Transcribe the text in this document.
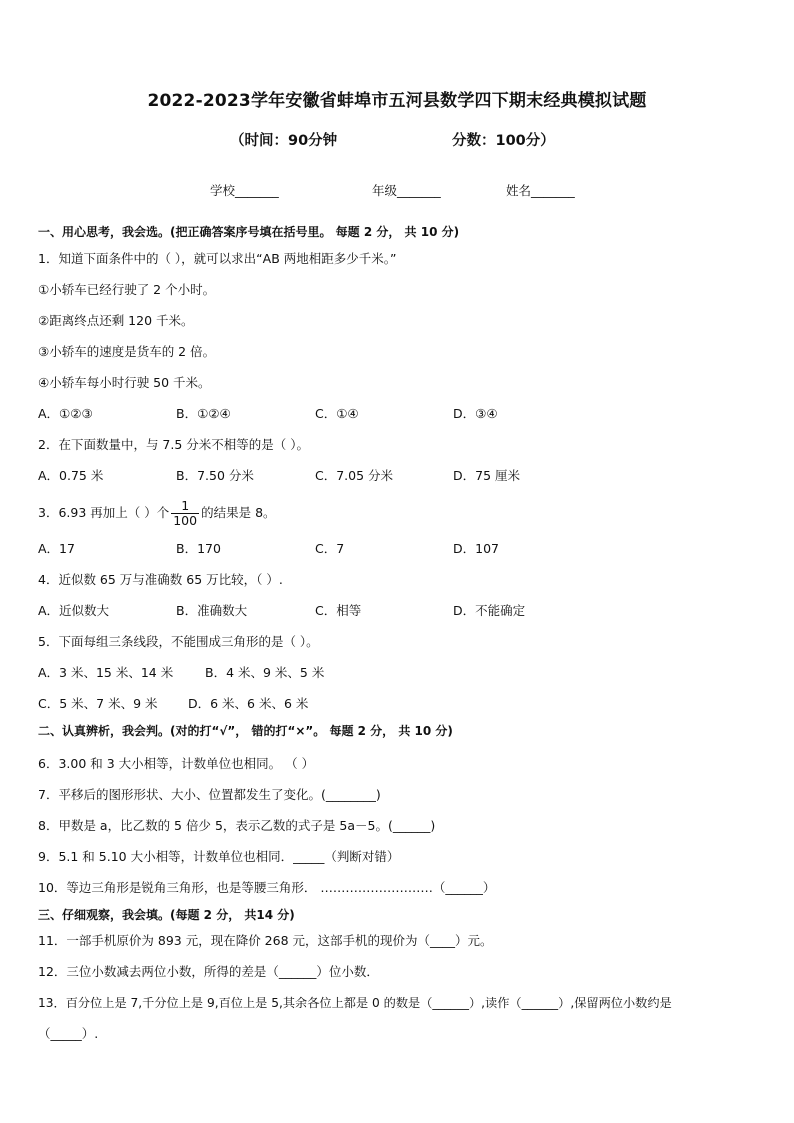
2022-2023学年安徽省蚌埠市五河县数学四下期末经典模拟试题
（时间：90分钟	分数：100分）
学校_______	年级_______	姓名_______
一、用心思考，我会选。(把正确答案序号填在括号里。 每题 2 分， 共 10 分)
1．知道下面条件中的（ ），就可以求出“AB 两地相距多少千米。”
①小轿车已经行驶了 2 个小时。
②距离终点还剩 120 千米。
③小轿车的速度是货车的 2 倍。
④小轿车每小时行驶 50 千米。
A．①②③	B．①②④	C．①④	D．③④
2．在下面数量中，与 7.5 分米不相等的是（ ）。
A．0.75 米	B．7.50 分米	C．7.05 分米	D．75 厘米
3．6.93 再加上（ ）个 $\frac{1}{100}$ 的结果是 8。
A．17	B．170	C．7	D．107
4．近似数 65 万与准确数 65 万比较，（ ）.
A．近似数大	B．准确数大	C．相等	D．不能确定
5．下面每组三条线段，不能围成三角形的是（ ）。
A．3 米、15 米、14 米	B．4 米、9 米、5 米
C．5 米、7 米、9 米 D．6 米、6 米、6 米
二、认真辨析，我会判。(对的打“√”， 错的打“×”。 每题 2 分， 共 10 分)
6．3.00 和 3 大小相等，计数单位也相同。 （ ）
7．平移后的图形形状、大小、位置都发生了变化。(________)
8．甲数是 a，比乙数的 5 倍少 5，表示乙数的式子是 5a－5。(______)
9．5.1 和 5.10 大小相等，计数单位也相同．_____（判断对错）
10．等边三角形是锐角三角形，也是等腰三角形． ………………………（______）
三、仔细观察，我会填。(每题 2 分， 共14 分)
11．一部手机原价为 893 元，现在降价 268 元，这部手机的现价为（____）元。
12．三位小数减去两位小数，所得的差是（______）位小数．
13．百分位上是 7,千分位上是 9,百位上是 5,其余各位上都是 0 的数是（______）,读作（______）,保留两位小数约是
（_____）.
